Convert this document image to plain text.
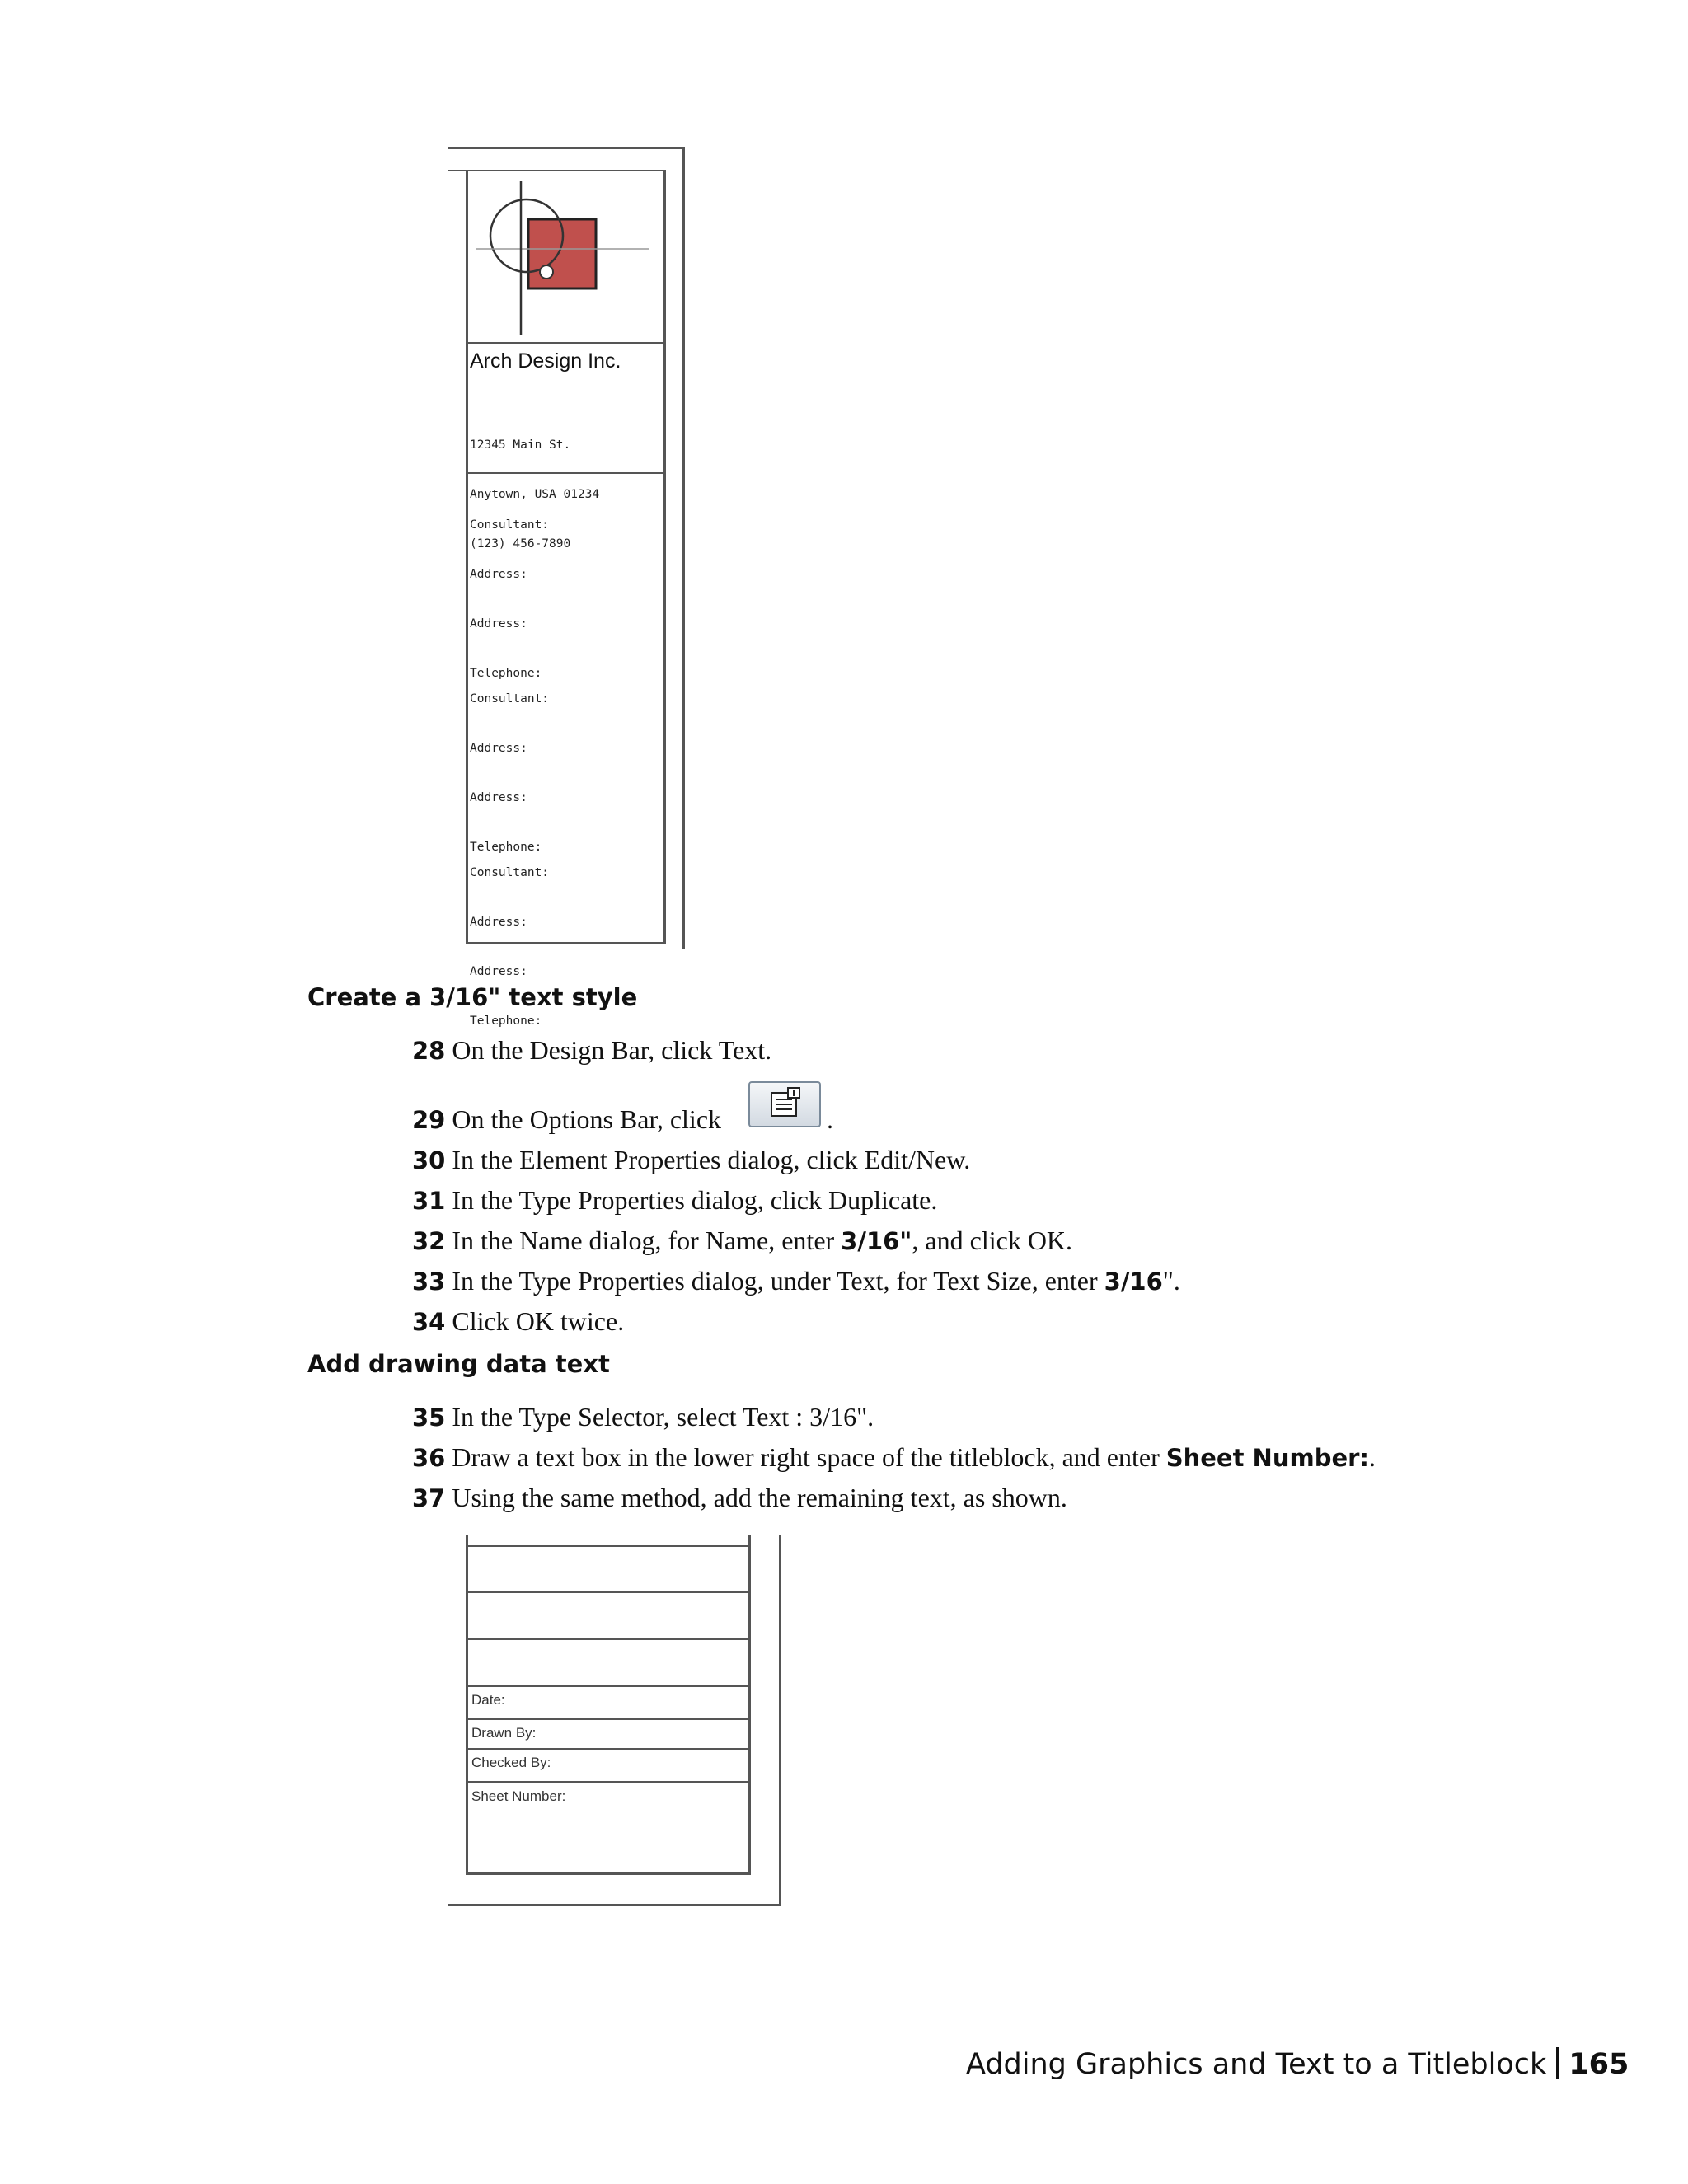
Arch Design Inc.

12345 Main St.

Anytown, USA 01234

(123) 456-7890

Consultant:

Address:

Address:

Telephone:

Consultant:

Address:

Address:

Telephone:

Consultant:

Address:

Address:

Telephone:

Create a 3/16" text style
28 On the Design Bar, click Text.
29 On the Options Bar, click	.
30 In the Element Properties dialog, click Edit/New.
31 In the Type Properties dialog, click Duplicate.
32 In the Name dialog, for Name, enter 3/16", and click OK.
33 In the Type Properties dialog, under Text, for Text Size, enter 3/16".
34 Click OK twice.
Add drawing data text
35 In the Type Selector, select Text : 3/16".
36 Draw a text box in the lower right space of the titleblock, and enter Sheet Number:.
37 Using the same method, add the remaining text, as shown.
Date:
Drawn By:
Checked By:
Sheet Number:
Adding Graphics and Text to a Titleblock 165
